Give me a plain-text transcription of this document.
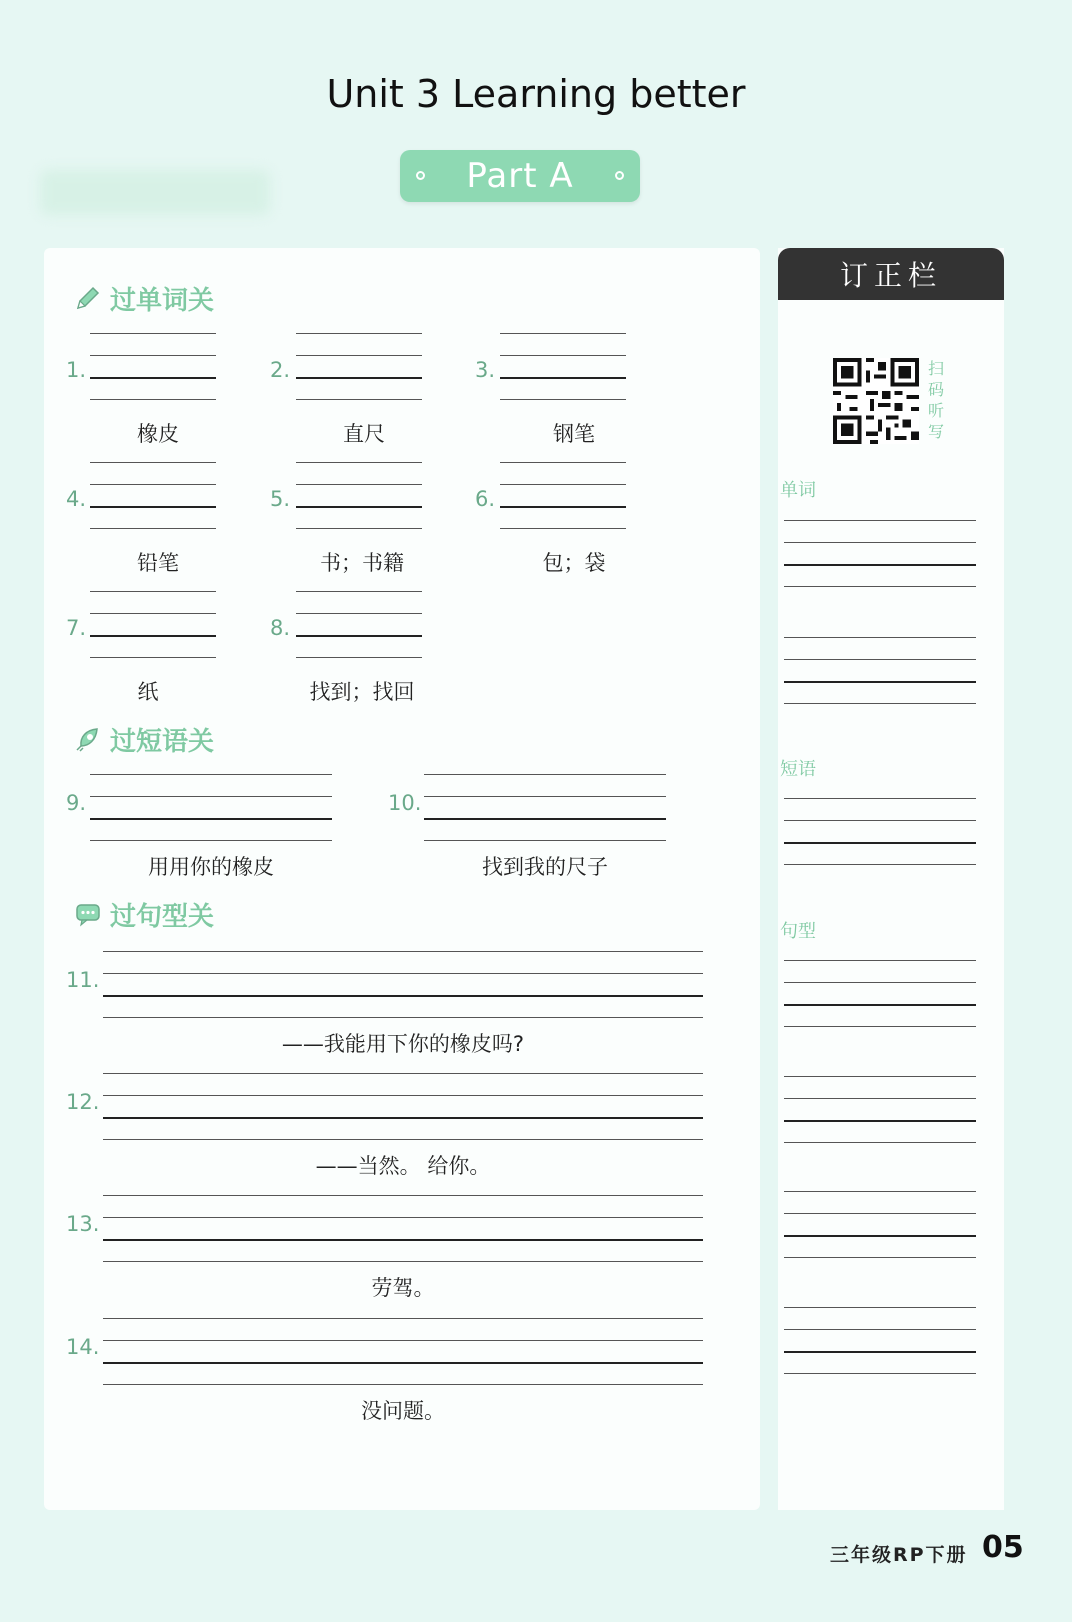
Unit 3 Learning better
Part A
过单词关
1.
橡皮
2.
直尺
3.
钢笔
4.
铅笔
5.
书；书籍
6.
包；袋
7.
纸
8.
找到；找回
过短语关
9.
用用你的橡皮
10.
找到我的尺子
过句型关
11.
——我能用下你的橡皮吗?
12.
——当然。 给你。
13.
劳驾。
14.
没问题。
订正栏
扫码听写
单词
短语
句型
三年级RP下册 05
